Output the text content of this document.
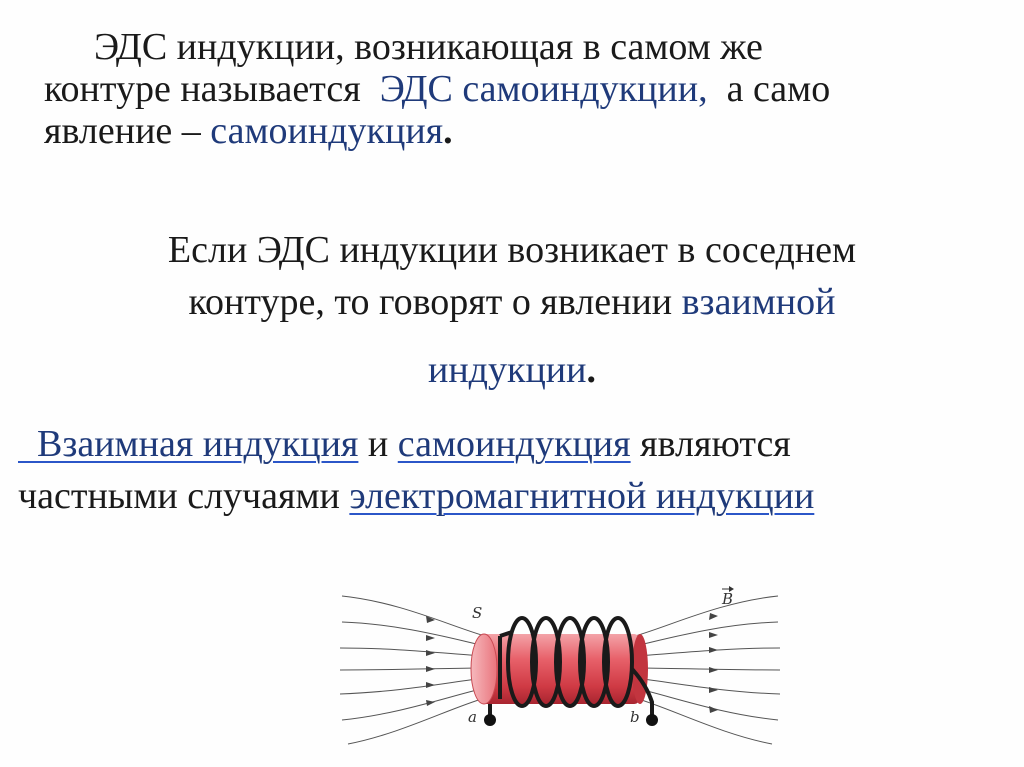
ЭДС индукции, возникающая в самом же
контуре называется  ЭДС самоиндукции,  а само
явление – самоиндукция.
Если ЭДС индукции возникает в соседнем
контуре, то говорят о явлении взаимной
индукции.
Взаимная индукция и самоиндукция являются
частными случаями электромагнитной индукции
S
B
a	b
